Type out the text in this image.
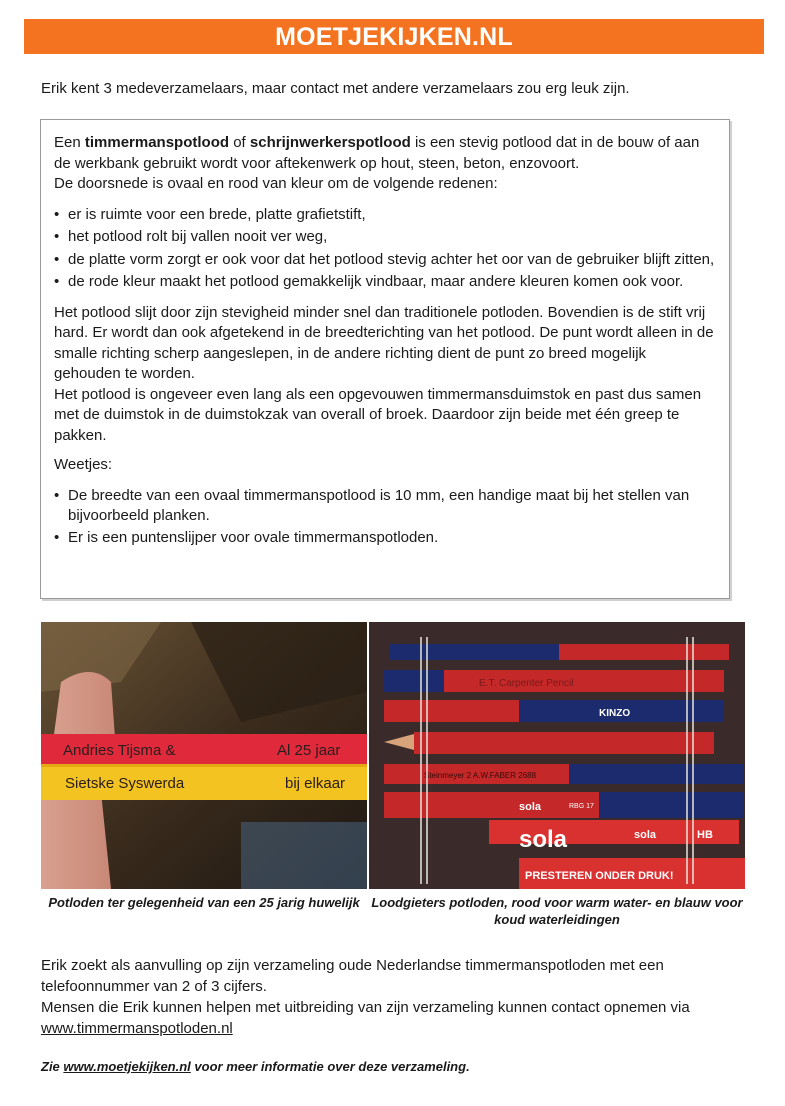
MOETJEKIJKEN.NL
Erik kent 3 medeverzamelaars, maar contact met andere verzamelaars zou erg leuk zijn.

Een timmermanspotlood of schrijnwerkerspotlood is een stevig potlood dat in de bouw of aan de werkbank gebruikt wordt voor aftekenwerk op hout, steen, beton, enzovoort.
De doorsnede is ovaal en rood van kleur om de volgende redenen:

• er is ruimte voor een brede, platte grafietstift,
• het potlood rolt bij vallen nooit ver weg,
• de platte vorm zorgt er ook voor dat het potlood stevig achter het oor van de gebruiker blijft zitten,
• de rode kleur maakt het potlood gemakkelijk vindbaar, maar andere kleuren komen ook voor.

Het potlood slijt door zijn stevigheid minder snel dan traditionele potloden. Bovendien is de stift vrij hard. Er wordt dan ook afgetekend in de breedterichting van het potlood. De punt wordt alleen in de smalle richting scherp aangeslepen, in de andere richting dient de punt zo breed mogelijk gehouden te worden.

Het potlood is ongeveer even lang als een opgevouwen timmermansduimstok en past dus samen met de duimstok in de duimstokzak van overall of broek. Daardoor zijn beide met één greep te pakken.

Weetjes:

• De breedte van een ovaal timmermanspotlood is 10 mm, een handige maat bij het stellen van bijvoorbeeld planken.
• Er is een puntenslijper voor ovale timmermanspotloden.
Andries Tijsma &	Al 25 jaar
Sietske Syswerda	bij elkaar
E.T. Carpenter Pencil
KINZO
Steinmeyer 2 A.W.FABER 2688
sola	RBG 17
sola	sola	HB
PRESTEREN ONDER DRUK!
Potloden ter gelegenheid van een 25 jarig huwelijk Loodgieters potloden, rood voor warm water- en blauw voor koud waterleidingen
Erik zoekt als aanvulling op zijn verzameling oude Nederlandse timmermanspotloden met een telefoonnummer van 2 of 3 cijfers.
Mensen die Erik kunnen helpen met uitbreiding van zijn verzameling kunnen contact opnemen via
www.timmermanspotloden.nl
Zie www.moetjekijken.nl voor meer informatie over deze verzameling.
